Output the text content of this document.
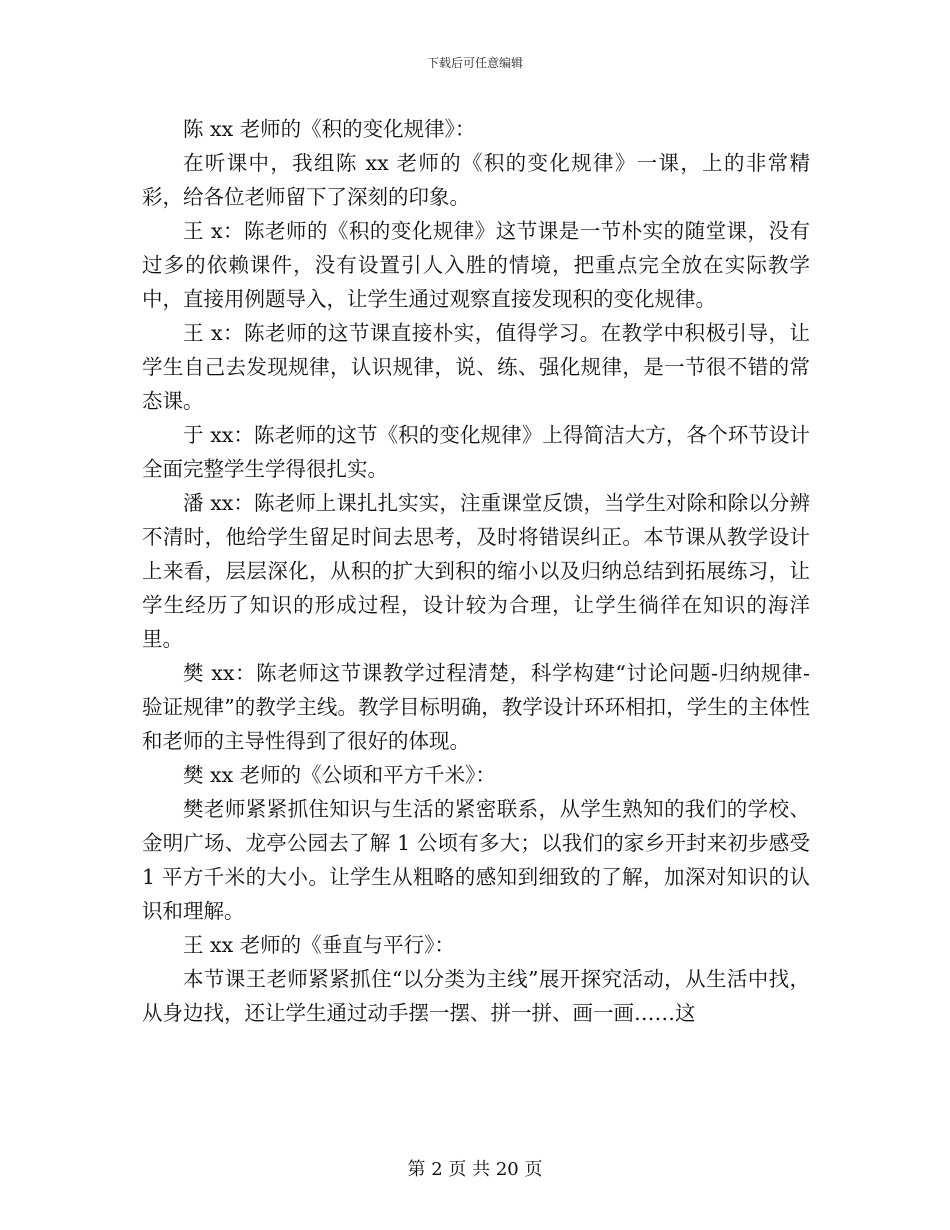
下载后可任意编辑

陈 xx 老师的《积的变化规律》：

在听课中，我组陈 xx 老师的《积的变化规律》一课，上的非常精彩，给各位老师留下了深刻的印象。

王 x：陈老师的《积的变化规律》这节课是一节朴实的随堂课，没有过多的依赖课件，没有设置引人入胜的情境，把重点完全放在实际教学中，直接用例题导入，让学生通过观察直接发现积的变化规律。

王 x：陈老师的这节课直接朴实，值得学习。在教学中积极引导，让学生自己去发现规律，认识规律，说、练、强化规律，是一节很不错的常态课。

于 xx：陈老师的这节《积的变化规律》上得简洁大方，各个环节设计全面完整学生学得很扎实。

潘 xx：陈老师上课扎扎实实，注重课堂反馈，当学生对除和除以分辨不清时，他给学生留足时间去思考，及时将错误纠正。本节课从教学设计上来看，层层深化，从积的扩大到积的缩小以及归纳总结到拓展练习，让学生经历了知识的形成过程，设计较为合理，让学生徜徉在知识的海洋里。

樊 xx：陈老师这节课教学过程清楚，科学构建“讨论问题-归纳规律-验证规律”的教学主线。教学目标明确，教学设计环环相扣，学生的主体性和老师的主导性得到了很好的体现。

樊 xx 老师的《公顷和平方千米》：

樊老师紧紧抓住知识与生活的紧密联系，从学生熟知的我们的学校、金明广场、龙亭公园去了解 1 公顷有多大；以我们的家乡开封来初步感受 1 平方千米的大小。让学生从粗略的感知到细致的了解，加深对知识的认识和理解。

王 xx 老师的《垂直与平行》：

本节课王老师紧紧抓住“以分类为主线”展开探究活动，从生活中找，从身边找，还让学生通过动手摆一摆、拼一拼、画一画……这

第 2 页 共 20 页
